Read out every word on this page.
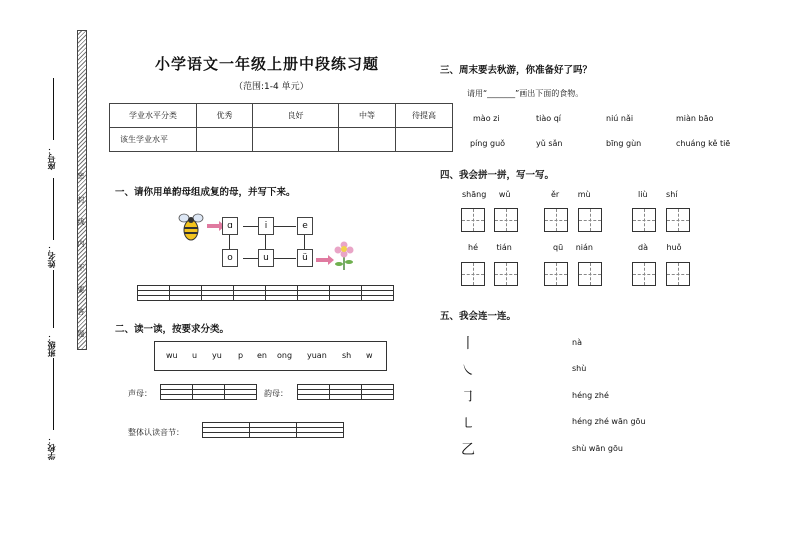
密
封
线
内
不
要
答
题
座号：
姓名：
班级：
学校：
小学语文一年级上册中段练习题
（范围:1-4 单元）
学业水平分类	优秀	良好	中等	待提高
该生学业水平				
一、请你用单韵母组成复的母，并写下来。
ɑ	i	e
o	u	ü

二、读一读，按要求分类。
wu u yu p en ong yuan sh w
声母：

			韵母：

整体认读音节：

三、周末要去秋游，你准备好了吗？
请用“_______”画出下面的食物。
mào zi	tiào qí	niú nǎi	miàn bāo
píng guǒ	yǔ sǎn	bīng gùn	chuáng kě tiē
四、我会拼一拼，写一写。
shāng wǔ	ěr mù	liù shí
hé tián	qū nián	dà huǒ
五、我会连一连。
丨
㇏
㇆
㇄
乙
nà
shù
héng zhé
héng zhé wān gōu
shù wān gōu
